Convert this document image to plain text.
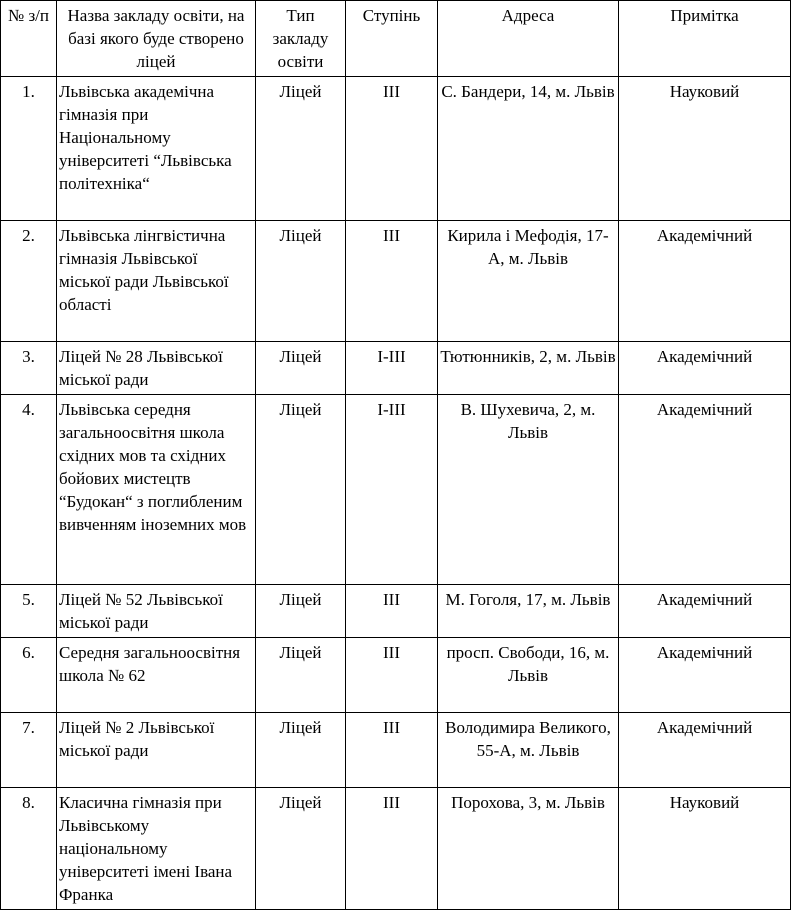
№ з/п	Назва закладу освіти, на базі якого буде створено ліцей	Тип закладу освіти	Ступінь	Адреса	Примітка
1.	Львівська академічна гімназія при Національному університеті “Львівська політехніка“	Ліцей	ІІІ	С. Бандери, 14, м. Львів	Науковий
2.	Львівська лінгвістична гімназія Львівської міської ради Львівської області	Ліцей	ІІІ	Кирила і Мефодія, 17-А, м. Львів	Академічний
3.	Ліцей № 28 Львівської міської ради	Ліцей	І-ІІІ	Тютюнників, 2, м. Львів	Академічний
4.	Львівська середня загальноосвітня школа східних мов та східних бойових мистецтв “Будокан“ з поглибленим вивченням іноземних мов	Ліцей	І-ІІІ	В. Шухевича, 2, м. Львів	Академічний
5.	Ліцей № 52 Львівської міської ради	Ліцей	ІІІ	М. Гоголя, 17, м. Львів	Академічний
6.	Середня загальноосвітня школа № 62	Ліцей	ІІІ	просп. Свободи, 16, м. Львів	Академічний
7.	Ліцей № 2 Львівської міської ради	Ліцей	ІІІ	Володимира Великого, 55-А, м. Львів	Академічний
8.	Класична гімназія при Львівському національному університеті імені Івана Франка	Ліцей	ІІІ	Порохова, 3, м. Львів	Науковий
